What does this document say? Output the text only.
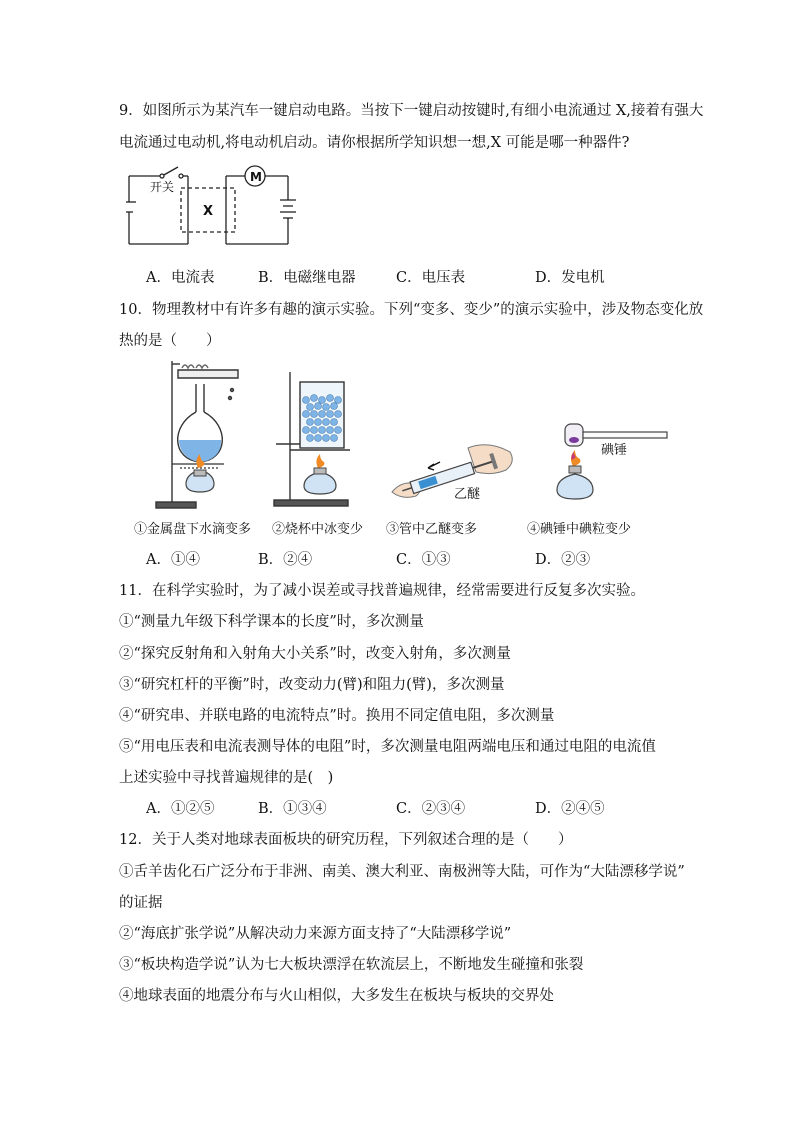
9．如图所示为某汽车一键启动电路。当按下一键启动按键时,有细小电流通过 X,接着有强大
电流通过电动机,将电动机启动。请你根据所学知识想一想,X 可能是哪一种器件?
开关
X
M
A．电流表	B．电磁继电器	C．电压表	D．发电机
10．物理教材中有许多有趣的演示实验。下列“变多、变少”的演示实验中，涉及物态变化放
热的是（　　）
①金属盘下水滴变多 ②烧杯中冰变少
乙醚
③管中乙醚变多
碘锤
④碘锤中碘粒变少
A．①④	B．②④	C．①③	D．②③
11．在科学实验时，为了减小误差或寻找普遍规律，经常需要进行反复多次实验。
①“测量九年级下科学课本的长度”时，多次测量
②“探究反射角和入射角大小关系”时，改变入射角，多次测量
③“研究杠杆的平衡”时，改变动力(臂)和阻力(臂)，多次测量
④“研究串、并联电路的电流特点”时。换用不同定值电阻，多次测量
⑤“用电压表和电流表测导体的电阻”时，多次测量电阻两端电压和通过电阻的电流值
上述实验中寻找普遍规律的是(　)
A．①②⑤	B．①③④	C．②③④	D．②④⑤
12．关于人类对地球表面板块的研究历程，下列叙述合理的是（　　）
①舌羊齿化石广泛分布于非洲、南美、澳大利亚、南极洲等大陆，可作为“大陆漂移学说”
的证据
②“海底扩张学说”从解决动力来源方面支持了“大陆漂移学说”
③“板块构造学说”认为七大板块漂浮在软流层上，不断地发生碰撞和张裂
④地球表面的地震分布与火山相似，大多发生在板块与板块的交界处
